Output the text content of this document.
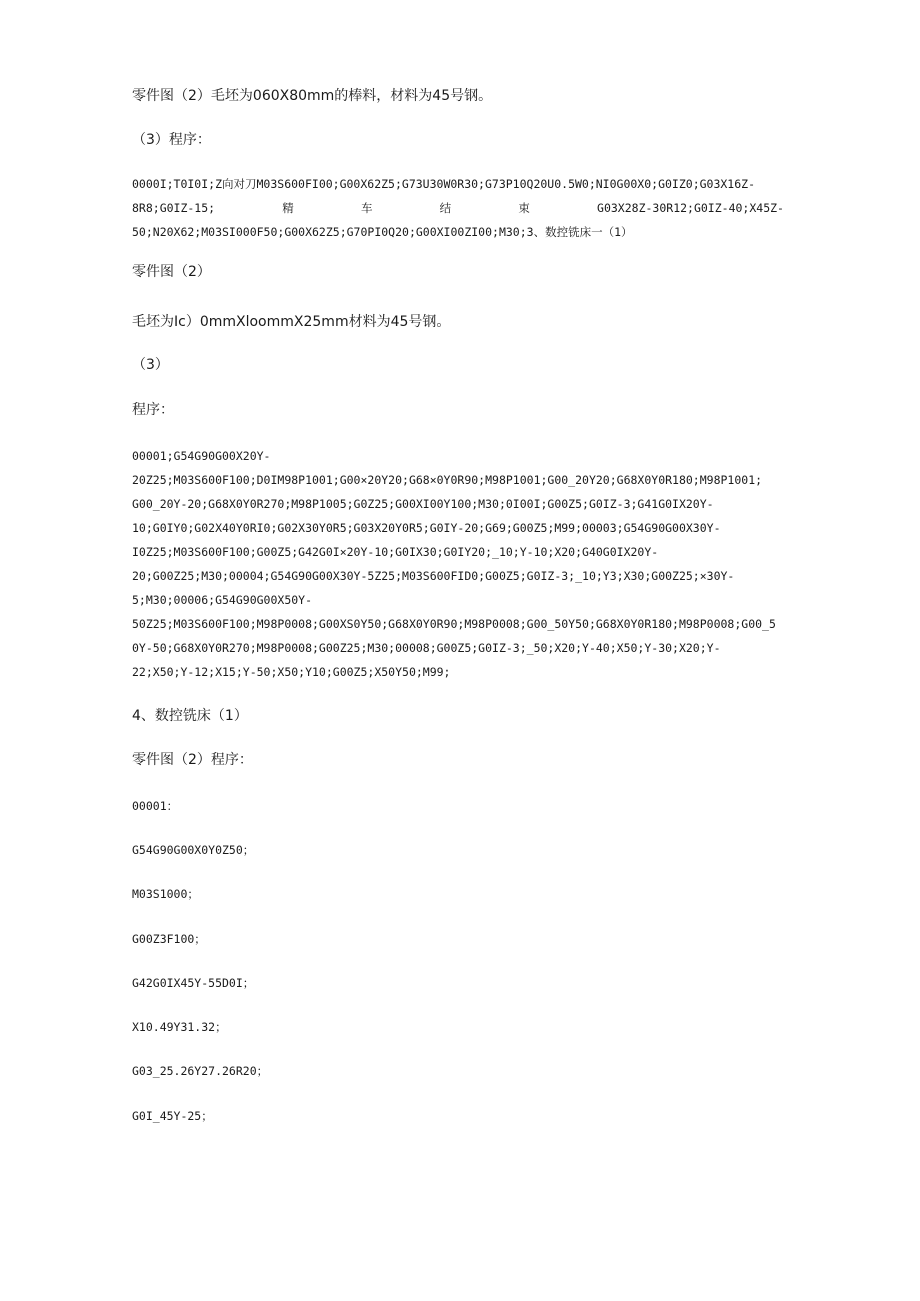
零件图（2）毛坯为060X80mm的棒料，材料为45号钢。

（3）程序：

0000I;T0I0I;Z向对刀M03S600FI00;G00X62Z5;G73U30W0R30;G73P10Q20U0.5W0;NI0G00X0;G0IZ0;G03X16Z-
8R8;G0IZ-15;	精	车	结	束	G03X28Z-30R12;G0IZ-40;X45Z-
50;N20X62;M03SI000F50;G00X62Z5;G70PI0Q20;G00XI00ZI00;M30;3、数控铣床一（1）

零件图（2）

毛坯为Ic）0mmXloommX25mm材料为45号钢。

（3）

程序：

00001;G54G90G00X20Y-
20Z25;M03S600F100;D0IM98P1001;G00×20Y20;G68×0Y0R90;M98P1001;G00_20Y20;G68X0Y0R180;M98P1001;
G00_20Y-20;G68X0Y0R270;M98P1005;G0Z25;G00XI00Y100;M30;0I00I;G00Z5;G0IZ-3;G41G0IX20Y-
10;G0IY0;G02X40Y0RI0;G02X30Y0R5;G03X20Y0R5;G0IY-20;G69;G00Z5;M99;00003;G54G90G00X30Y-
I0Z25;M03S600F100;G00Z5;G42G0I×20Y-10;G0IX30;G0IY20;_10;Y-10;X20;G40G0IX20Y-
20;G00Z25;M30;00004;G54G90G00X30Y-5Z25;M03S600FID0;G00Z5;G0IZ-3;_10;Y3;X30;G00Z25;×30Y-
5;M30;00006;G54G90G00X50Y-
50Z25;M03S600F100;M98P0008;G00XS0Y50;G68X0Y0R90;M98P0008;G00_50Y50;G68X0Y0R180;M98P0008;G00_5
0Y-50;G68X0Y0R270;M98P0008;G00Z25;M30;00008;G00Z5;G0IZ-3;_50;X20;Y-40;X50;Y-30;X20;Y-
22;X50;Y-12;X15;Y-50;X50;Y10;G00Z5;X50Y50;M99;

4、数控铣床（1）

零件图（2）程序：

00001：

G54G90G00X0Y0Z50；

M03S1000；

G00Z3F100；

G42G0IX45Y-55D0I；

X10.49Y31.32；

G03_25.26Y27.26R20；

G0I_45Y-25；
